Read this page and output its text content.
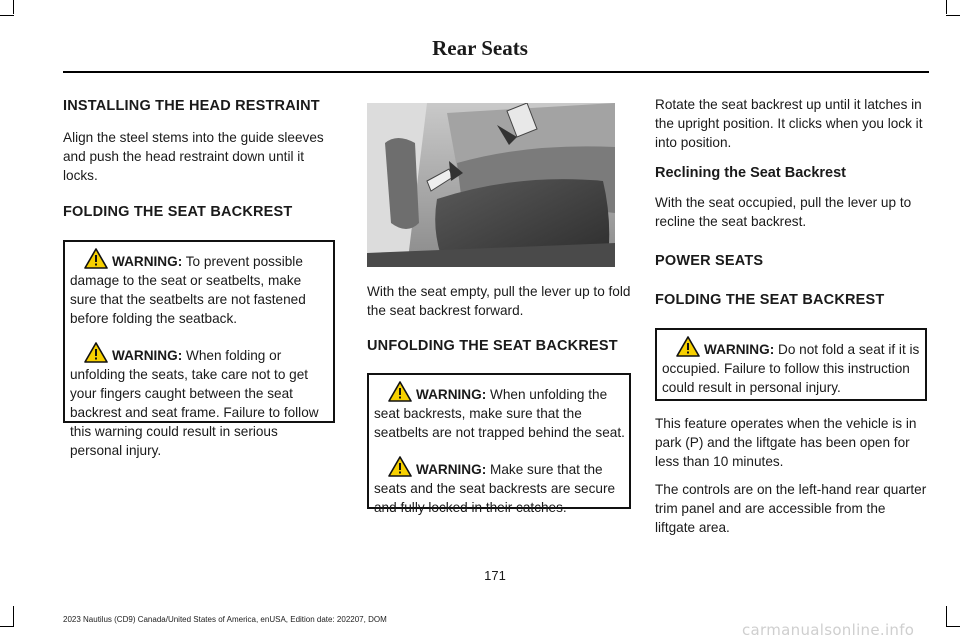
Rear Seats
INSTALLING THE HEAD RESTRAINT

Align the steel stems into the guide sleeves and push the head restraint down until it locks.

FOLDING THE SEAT BACKREST

WARNING: To prevent possible damage to the seat or seatbelts, make sure that the seatbelts are not fastened before folding the seatback.

WARNING: When folding or unfolding the seats, take care not to get your fingers caught between the seat backrest and seat frame. Failure to follow this warning could result in serious personal injury.

With the seat empty, pull the lever up to fold the seat backrest forward.

UNFOLDING THE SEAT BACKREST

WARNING: When unfolding the seat backrests, make sure that the seatbelts are not trapped behind the seat.

WARNING: Make sure that the seats and the seat backrests are secure and fully locked in their catches.

Rotate the seat backrest up until it latches in the upright position. It clicks when you lock it into position.

Reclining the Seat Backrest

With the seat occupied, pull the lever up to recline the seat backrest.

POWER SEATS
FOLDING THE SEAT BACKREST

WARNING: Do not fold a seat if it is occupied. Failure to follow this instruction could result in personal injury.

This feature operates when the vehicle is in park (P) and the liftgate has been open for less than 10 minutes.

The controls are on the left-hand rear quarter trim panel and are accessible from the liftgate area.

171
2023 Nautilus (CD9) Canada/United States of America, enUSA, Edition date: 202207, DOM
carmanualsonline.info
